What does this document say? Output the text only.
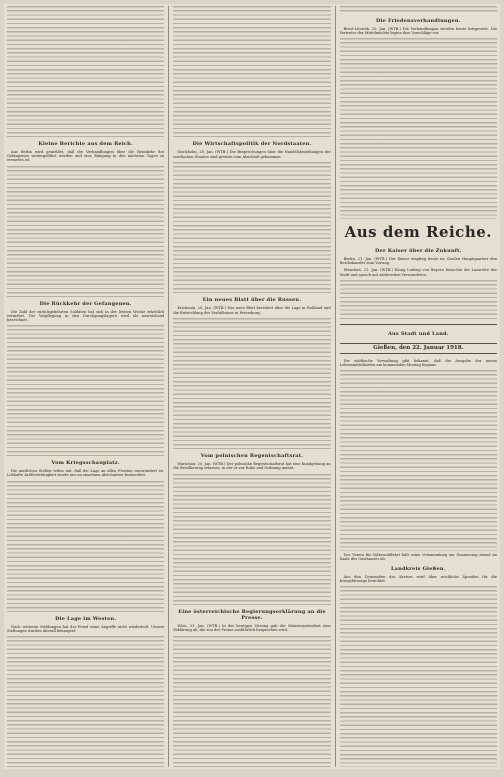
Kleine Berichte aus dem Reich.

Aus Berlin wird gemeldet, daß die Verhandlungen über die Heimkehr der Gefangenen weitergeführt werden und eine Einigung in den nächsten Tagen zu erwarten ist.

Die Rückkehr der Gefangenen.

Die Zahl der zurückgekehrten Soldaten hat sich in der letzten Woche erheblich vermehrt. Die Verpflegung in den Durchgangslagern wird als ausreichend bezeichnet.

Vom Kriegsschauplatz.

Die amtlichen Stellen teilen mit, daß die Lage an allen Fronten unverändert ist. Lebhafte Artillerietätigkeit wurde nur an einzelnen Abschnitten beobachtet.

Die Lage im Westen.

Nach weiteren Meldungen hat der Feind seine Angriffe nicht wiederholt. Unsere Stellungen wurden überall behauptet.

Die Wirtschaftspolitik der Nordstaaten.

Stockholm, 20. Jan. (WTB.) Die Besprechungen über die Handelsbeziehungen der nordischen Staaten sind gestern zum Abschluß gekommen.

Ein neues Blatt über die Russen.

Kristiania, 20. Jan. (WTB.) Das neue Blatt berichtet über die Lage in Rußland und die Entwicklung der Verhältnisse in Petersburg.

Vom polnischen Regentschaftsrat.

Warschau, 20. Jan. (WTB.) Der polnische Regentschaftsrat hat eine Kundgebung an die Bevölkerung erlassen, in der er zur Ruhe und Ordnung mahnt.

Eine österreichische Regierungserklärung an die Presse.

Wien, 21. Jan. (WTB.) In der heutigen Sitzung gab der Ministerpräsident eine Erklärung ab, die von der Presse ausführlich besprochen wird.

Die Friedensverhandlungen.

Brest-Litowsk, 20. Jan. (WTB.) Die Verhandlungen wurden heute fortgesetzt. Die Vertreter der Mittelmächte legten ihre Vorschläge vor.

Aus dem Reiche.
Der Kaiser über die Zukunft.

Berlin, 21. Jan. (WTB.) Der Kaiser empfing heute im Großen Hauptquartier den Reichskanzler zum Vortrag.

München, 21. Jan. (WTB.) König Ludwig von Bayern besuchte die Lazarette der Stadt und sprach mit zahlreichen Verwundeten.

Aus Stadt und Land.
Gießen, den 22. Januar 1918.

Die städtische Verwaltung gibt bekannt, daß die Ausgabe der neuen Lebensmittelkarten am kommenden Montag beginnt.

Der Verein für Volkswohlfahrt hält seine Versammlung am Donnerstag abend im Saale des Gasthauses ab.

Landkreis Gießen.

Aus den Gemeinden des Kreises wird über reichliche Spenden für die Kriegsfürsorge berichtet.
